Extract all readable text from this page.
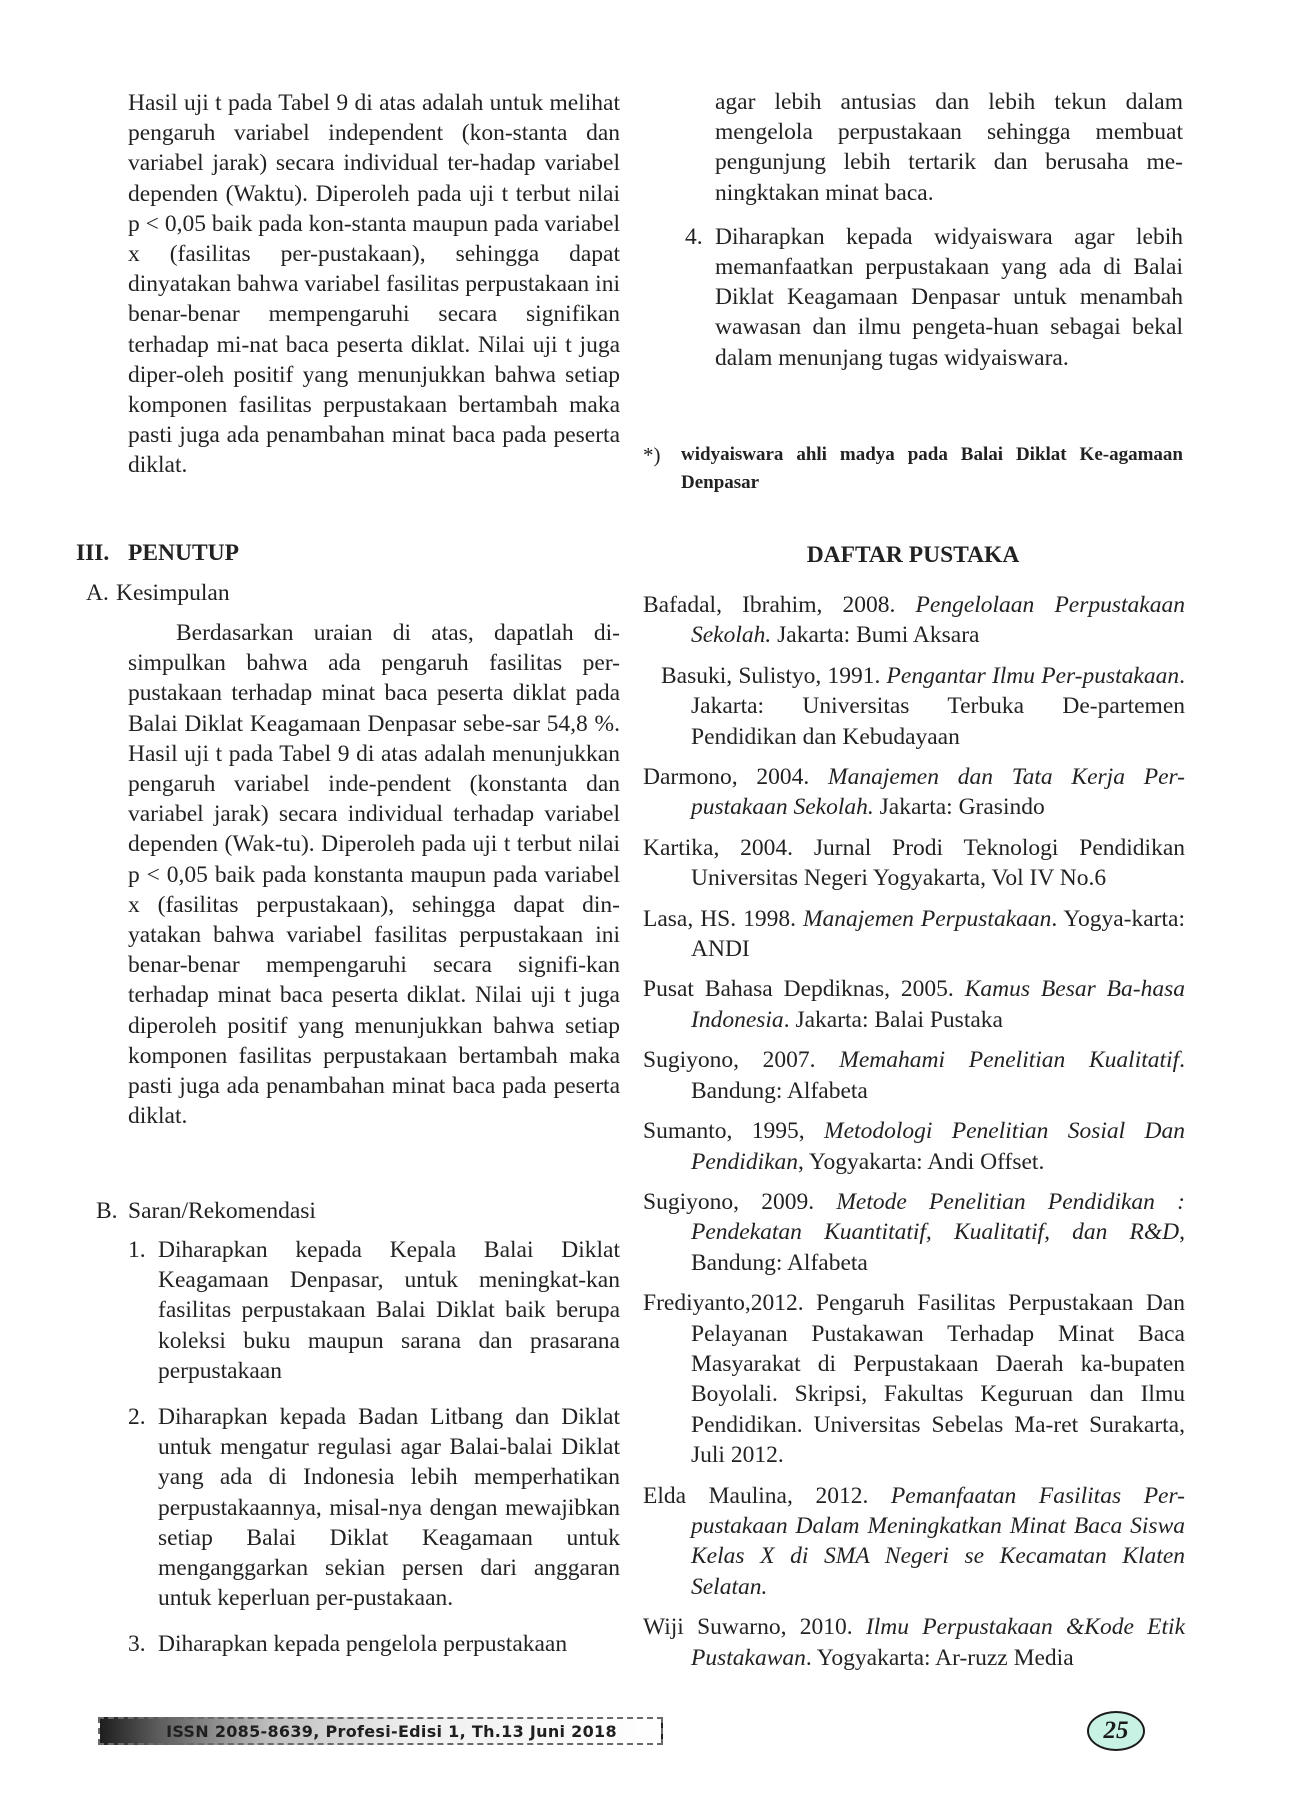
Hasil uji t pada Tabel 9 di atas adalah untuk melihat pengaruh variabel independent (kon-stanta dan variabel jarak) secara individual ter-hadap variabel dependen (Waktu). Diperoleh pada uji t terbut nilai p < 0,05 baik pada kon-stanta maupun pada variabel x (fasilitas per-pustakaan), sehingga dapat dinyatakan bahwa variabel fasilitas perpustakaan ini benar-benar mempengaruhi secara signifikan terhadap mi-nat baca peserta diklat. Nilai uji t juga diper-oleh positif yang menunjukkan bahwa setiap komponen fasilitas perpustakaan bertambah maka pasti juga ada penambahan minat baca pada peserta diklat.

III. PENUTUP
A. Kesimpulan

Berdasarkan uraian di atas, dapatlah di-simpulkan bahwa ada pengaruh fasilitas per-pustakaan terhadap minat baca peserta diklat pada Balai Diklat Keagamaan Denpasar sebe-sar 54,8 %. Hasil uji t pada Tabel 9 di atas adalah menunjukkan pengaruh variabel inde-pendent (konstanta dan variabel jarak) secara individual terhadap variabel dependen (Wak-tu). Diperoleh pada uji t terbut nilai p < 0,05 baik pada konstanta maupun pada variabel x (fasilitas perpustakaan), sehingga dapat din-yatakan bahwa variabel fasilitas perpustakaan ini benar-benar mempengaruhi secara signifi-kan terhadap minat baca peserta diklat. Nilai uji t juga diperoleh positif yang menunjukkan bahwa setiap komponen fasilitas perpustakaan bertambah maka pasti juga ada penambahan minat baca pada peserta diklat.

B. Saran/Rekomendasi
1. Diharapkan kepada Kepala Balai Diklat Keagamaan Denpasar, untuk meningkat-kan fasilitas perpustakaan Balai Diklat baik berupa koleksi buku maupun sarana dan prasarana perpustakaan
2. Diharapkan kepada Badan Litbang dan Diklat untuk mengatur regulasi agar Balai-balai Diklat yang ada di Indonesia lebih memperhatikan perpustakaannya, misal-nya dengan mewajibkan setiap Balai Diklat Keagamaan untuk menganggarkan sekian persen dari anggaran untuk keperluan per-pustakaan.
3. Diharapkan kepada pengelola perpustakaan
agar lebih antusias dan lebih tekun dalam mengelola perpustakaan sehingga membuat pengunjung lebih tertarik dan berusaha me-ningktakan minat baca.
4. Diharapkan kepada widyaiswara agar lebih memanfaatkan perpustakaan yang ada di Balai Diklat Keagamaan Denpasar untuk menambah wawasan dan ilmu pengeta-huan sebagai bekal dalam menunjang tugas widyaiswara.
*)	widyaiswara ahli madya pada Balai Diklat Ke-agamaan Denpasar
DAFTAR PUSTAKA

Bafadal, Ibrahim, 2008. Pengelolaan Perpustakaan Sekolah. Jakarta: Bumi Aksara

Basuki, Sulistyo, 1991. Pengantar Ilmu Per-pustakaan. Jakarta: Universitas Terbuka De-partemen Pendidikan dan Kebudayaan

Darmono, 2004. Manajemen dan Tata Kerja Per-pustakaan Sekolah. Jakarta: Grasindo

Kartika, 2004. Jurnal Prodi Teknologi Pendidikan Universitas Negeri Yogyakarta, Vol IV No.6

Lasa, HS. 1998. Manajemen Perpustakaan. Yogya-karta: ANDI

Pusat Bahasa Depdiknas, 2005. Kamus Besar Ba-hasa Indonesia. Jakarta: Balai Pustaka

Sugiyono, 2007. Memahami Penelitian Kualitatif. Bandung: Alfabeta

Sumanto, 1995, Metodologi Penelitian Sosial Dan Pendidikan, Yogyakarta: Andi Offset.

Sugiyono, 2009. Metode Penelitian Pendidikan : Pendekatan Kuantitatif, Kualitatif, dan R&D, Bandung: Alfabeta

Frediyanto,2012. Pengaruh Fasilitas Perpustakaan Dan Pelayanan Pustakawan Terhadap Minat Baca Masyarakat di Perpustakaan Daerah ka-bupaten Boyolali. Skripsi, Fakultas Keguruan dan Ilmu Pendidikan. Universitas Sebelas Ma-ret Surakarta, Juli 2012.

Elda Maulina, 2012. Pemanfaatan Fasilitas Per-pustakaan Dalam Meningkatkan Minat Baca Siswa Kelas X di SMA Negeri se Kecamatan Klaten Selatan.

Wiji Suwarno, 2010. Ilmu Perpustakaan &Kode Etik Pustakawan. Yogyakarta: Ar-ruzz Media

ISSN 2085-8639, Profesi-Edisi 1, Th.13 Juni 2018	25
